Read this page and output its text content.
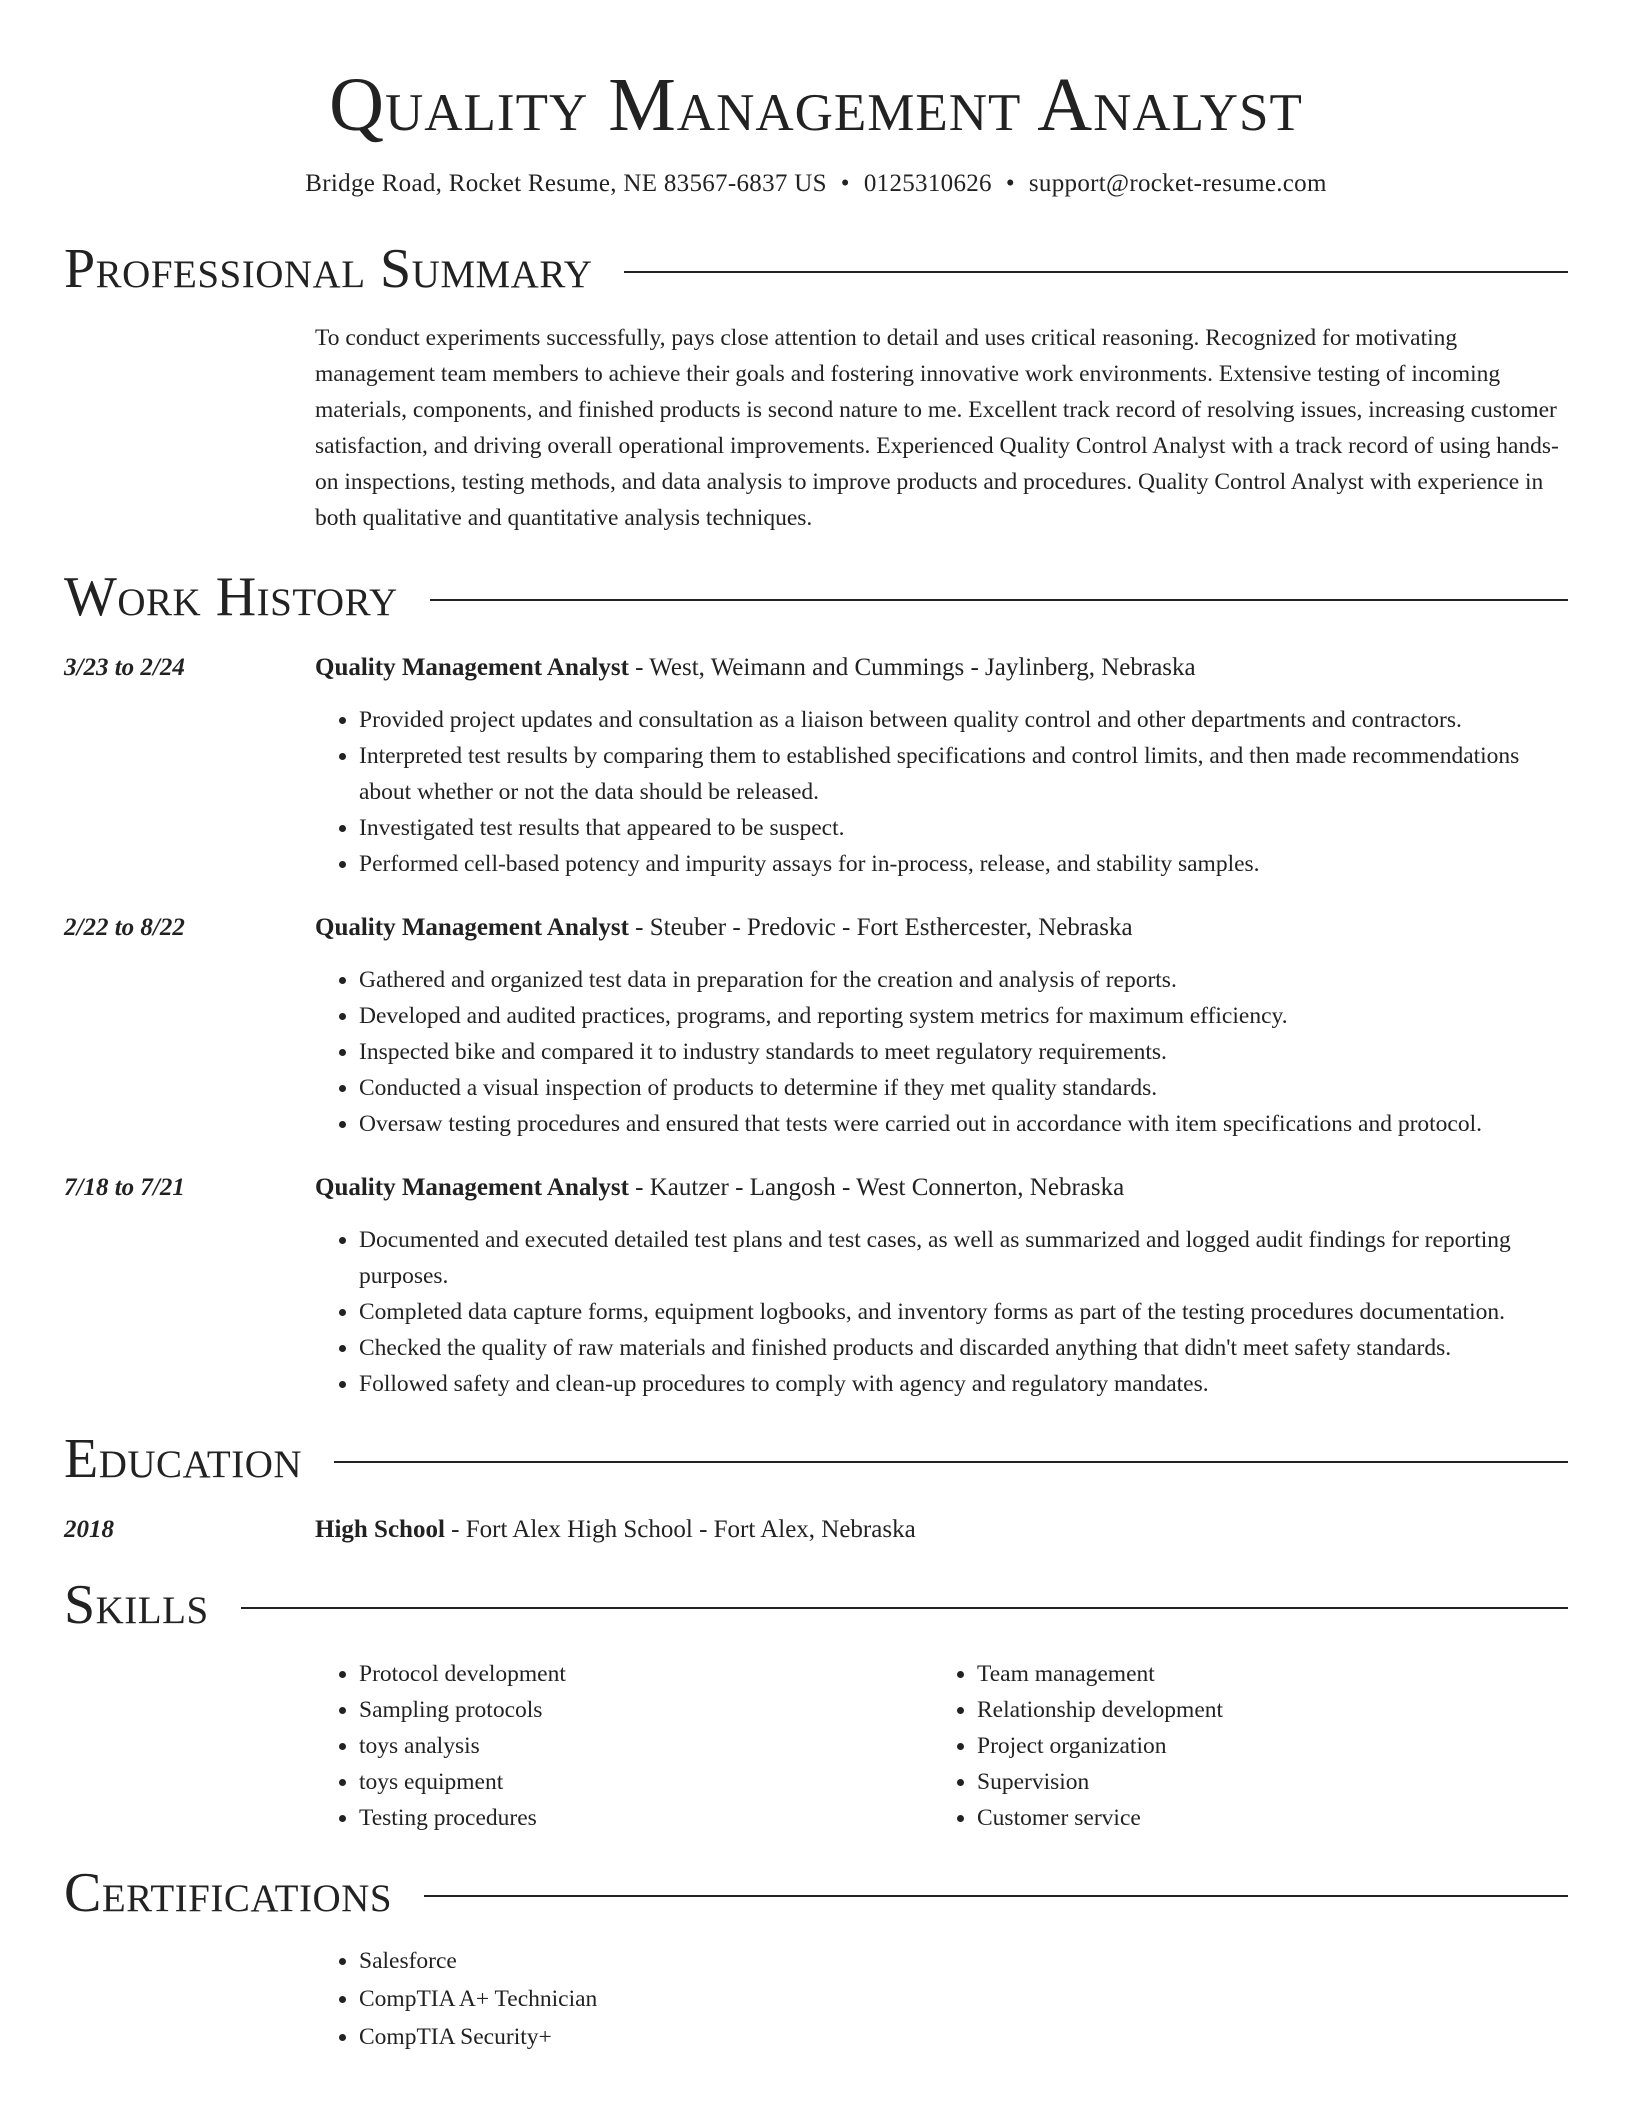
Quality Management Analyst
Bridge Road, Rocket Resume, NE 83567-6837 US • 0125310626 • support@rocket-resume.com
Professional Summary
To conduct experiments successfully, pays close attention to detail and uses critical reasoning. Recognized for motivating management team members to achieve their goals and fostering innovative work environments. Extensive testing of incoming materials, components, and finished products is second nature to me. Excellent track record of resolving issues, increasing customer satisfaction, and driving overall operational improvements. Experienced Quality Control Analyst with a track record of using hands-on inspections, testing methods, and data analysis to improve products and procedures. Quality Control Analyst with experience in both qualitative and quantitative analysis techniques.
Work History
3/23 to 2/24	Quality Management Analyst - West, Weimann and Cummings - Jaylinberg, Nebraska
• Provided project updates and consultation as a liaison between quality control and other departments and contractors.
• Interpreted test results by comparing them to established specifications and control limits, and then made recommendations about whether or not the data should be released.
• Investigated test results that appeared to be suspect.
• Performed cell-based potency and impurity assays for in-process, release, and stability samples.
2/22 to 8/22	Quality Management Analyst - Steuber - Predovic - Fort Esthercester, Nebraska
• Gathered and organized test data in preparation for the creation and analysis of reports.
• Developed and audited practices, programs, and reporting system metrics for maximum efficiency.
• Inspected bike and compared it to industry standards to meet regulatory requirements.
• Conducted a visual inspection of products to determine if they met quality standards.
• Oversaw testing procedures and ensured that tests were carried out in accordance with item specifications and protocol.
7/18 to 7/21	Quality Management Analyst - Kautzer - Langosh - West Connerton, Nebraska
• Documented and executed detailed test plans and test cases, as well as summarized and logged audit findings for reporting purposes.
• Completed data capture forms, equipment logbooks, and inventory forms as part of the testing procedures documentation.
• Checked the quality of raw materials and finished products and discarded anything that didn't meet safety standards.
• Followed safety and clean-up procedures to comply with agency and regulatory mandates.
Education
2018	High School - Fort Alex High School - Fort Alex, Nebraska
Skills
• Protocol development
• Sampling protocols
• toys analysis
• toys equipment
• Testing procedures
• Team management
• Relationship development
• Project organization
• Supervision
• Customer service
Certifications
• Salesforce
• CompTIA A+ Technician
• CompTIA Security+
